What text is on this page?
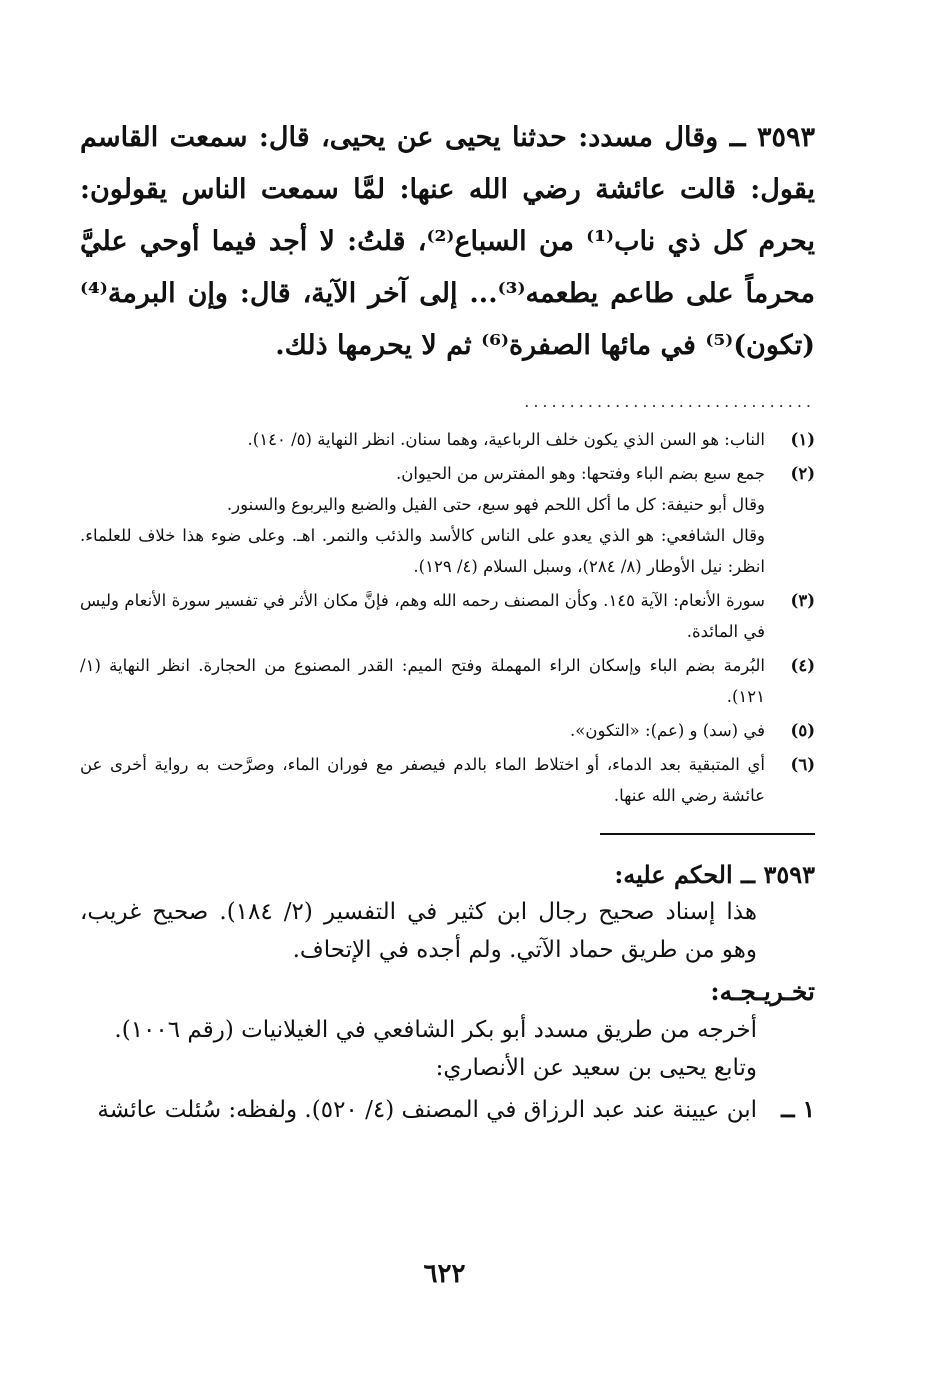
٣٥٩٣ ــ وقال مسدد: حدثنا يحيى عن يحيى، قال: سمعت القاسم يقول: قالت عائشة رضي الله عنها: لمَّا سمعت الناس يقولون: يحرم كل ذي ناب⁽¹⁾ من السباع⁽²⁾، قلتُ: لا أجد فيما أوحي عليَّ محرماً على طاعم يطعمه⁽³⁾... إلى آخر الآية، قال: وإن البرمة⁽⁴⁾ (تكون)⁽⁵⁾ في مائها الصفرة⁽⁶⁾ ثم لا يحرمها ذلك.

................................
(١)

الناب: هو السن الذي يكون خلف الرباعية، وهما سنان. انظر النهاية (٥/ ١٤٠).

(٢)

جمع سبع بضم الباء وفتحها: وهو المفترس من الحيوان.

وقال أبو حنيفة: كل ما أكل اللحم فهو سبع، حتى الفيل والضبع واليربوع والسنور.

وقال الشافعي: هو الذي يعدو على الناس كالأسد والذئب والنمر. اهـ. وعلى ضوء هذا خلاف للعلماء. انظر: نيل الأوطار (٨/ ٢٨٤)، وسبل السلام (٤/ ١٢٩).

(٣)

سورة الأنعام: الآية ١٤٥. وكأن المصنف رحمه الله وهم، فإنَّ مكان الأثر في تفسير سورة الأنعام وليس في المائدة.

(٤)

البُرمة بضم الباء وإسكان الراء المهملة وفتح الميم: القدر المصنوع من الحجارة. انظر النهاية (١/ ١٢١).

(٥)

في (سد) و (عم): «التكون».

(٦)

أي المتبقية بعد الدماء، أو اختلاط الماء بالدم فيصفر مع فوران الماء، وصرَّحت به رواية أخرى عن عائشة رضي الله عنها.

٣٥٩٣ ــ الحكم عليه:

هذا إسناد صحيح رجال ابن كثير في التفسير (٢/ ١٨٤). صحيح غريب، وهو من طريق حماد الآتي. ولم أجده في الإتحاف.

تخـريـجـه:

أخرجه من طريق مسدد أبو بكر الشافعي في الغيلانيات (رقم ١٠٠٦).

وتابع يحيى بن سعيد عن الأنصاري:

١ ــ
ابن عيينة عند عبد الرزاق في المصنف (٤/ ٥٢٠). ولفظه: سُئلت عائشة
٦٢٢
